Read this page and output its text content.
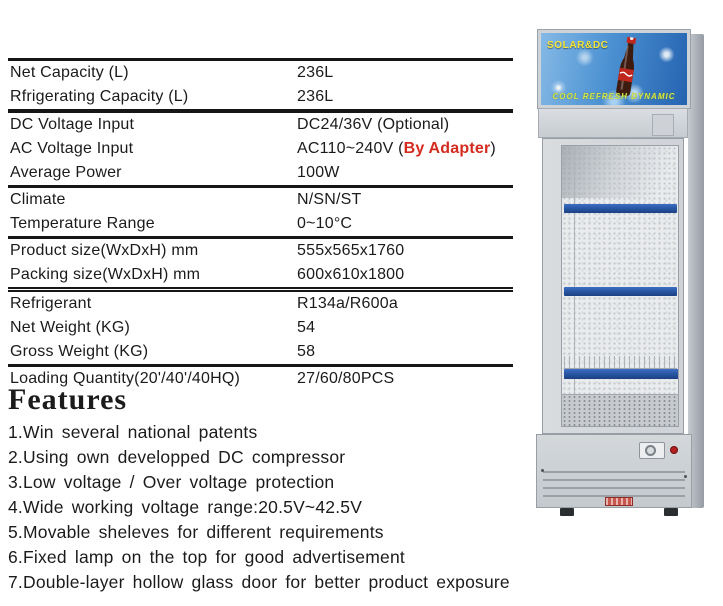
Net Capacity (L)	236L
Rfrigerating Capacity (L)	236L
DC Voltage Input	DC24/36V (Optional)
AC Voltage Input	AC110~240V (By Adapter)
Average Power	100W
Climate	N/SN/ST
Temperature Range	0~10°C
Product size(WxDxH) mm	555x565x1760
Packing size(WxDxH) mm	600x610x1800
Refrigerant	R134a/R600a
Net Weight (KG)	54
Gross Weight (KG)	58
Loading Quantity(20'/40'/40HQ)	27/60/80PCS
Features
1.Win several national patents
2.Using own developped DC compressor
3.Low voltage / Over voltage protection
4.Wide working voltage range:20.5V~42.5V
5.Movable sheleves for different requirements
6.Fixed lamp on the top for good advertisement
7.Double-layer hollow glass door for better product exposure
SOLAR&DC
COOL REFRESH DYNAMIC
